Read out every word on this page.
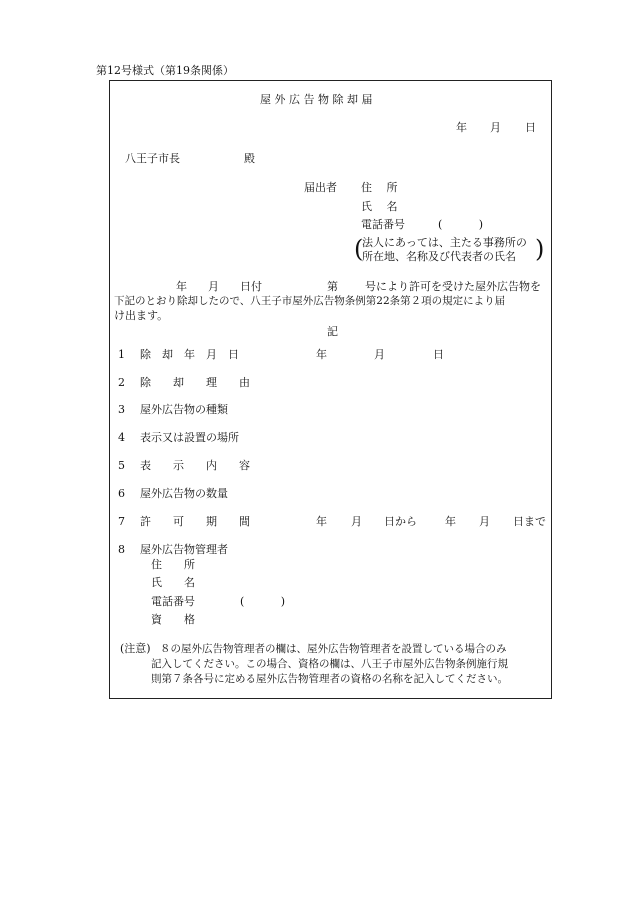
第12号様式（第19条関係）
屋 外 広 告 物 除 却 届
年 月 日
八王子市長	殿
届出者 住　 所
氏　 名
電話番号	(　　 　)
(
法人にあっては、主たる事務所の
所在地、名称及び代表者の氏名 )
年 月 日付	第 号により許可を受けた屋外広告物を
下記のとおり除却したので、八王子市屋外広告物条例第22条第２項の規定により届
け出ます。
記
1 除　却　年　月　日	年	月	日
2 除　　却　　理　　由
3 屋外広告物の種類
4 表示又は設置の場所
5 表　　示　　内　　容
6 屋外広告物の数量
7 許　　可　　期　　間	年 月 日から	年 月 日まで
8 屋外広告物管理者
住　　所
氏　　名
電話番号	(　　 　)
資　　格
(注意) ８の屋外広告物管理者の欄は、屋外広告物管理者を設置している場合のみ
記入してください。この場合、資格の欄は、八王子市屋外広告物条例施行規
則第７条各号に定める屋外広告物管理者の資格の名称を記入してください。
